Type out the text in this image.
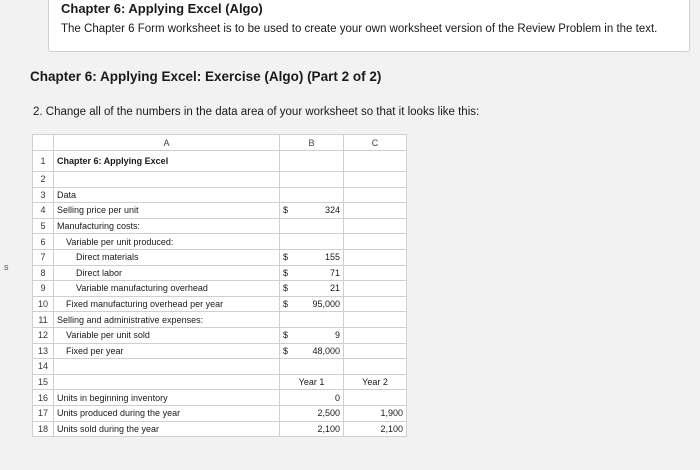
Chapter 6: Applying Excel (Algo)
The Chapter 6 Form worksheet is to be used to create your own worksheet version of the Review Problem in the text.
s
Chapter 6: Applying Excel: Exercise (Algo) (Part 2 of 2)
2. Change all of the numbers in the data area of your worksheet so that it looks like this:
	A	B	C
1	Chapter 6: Applying Excel		
2			
3	Data		
4	Selling price per unit	$ 324	

5	Manufacturing costs:		
6	Variable per unit produced:		
7	Direct materials	$ 155	

8	Direct labor	$ 71	

9	Variable manufacturing overhead	$ 21	

10	Fixed manufacturing overhead per year	$ 95,000	

11	Selling and administrative expenses:		
12	Variable per unit sold	$ 9	

13	Fixed per year	$ 48,000	

14			
15		Year 1	Year 2
16	Units in beginning inventory	0	
17	Units produced during the year	2,500	1,900
18	Units sold during the year	2,100	2,100
